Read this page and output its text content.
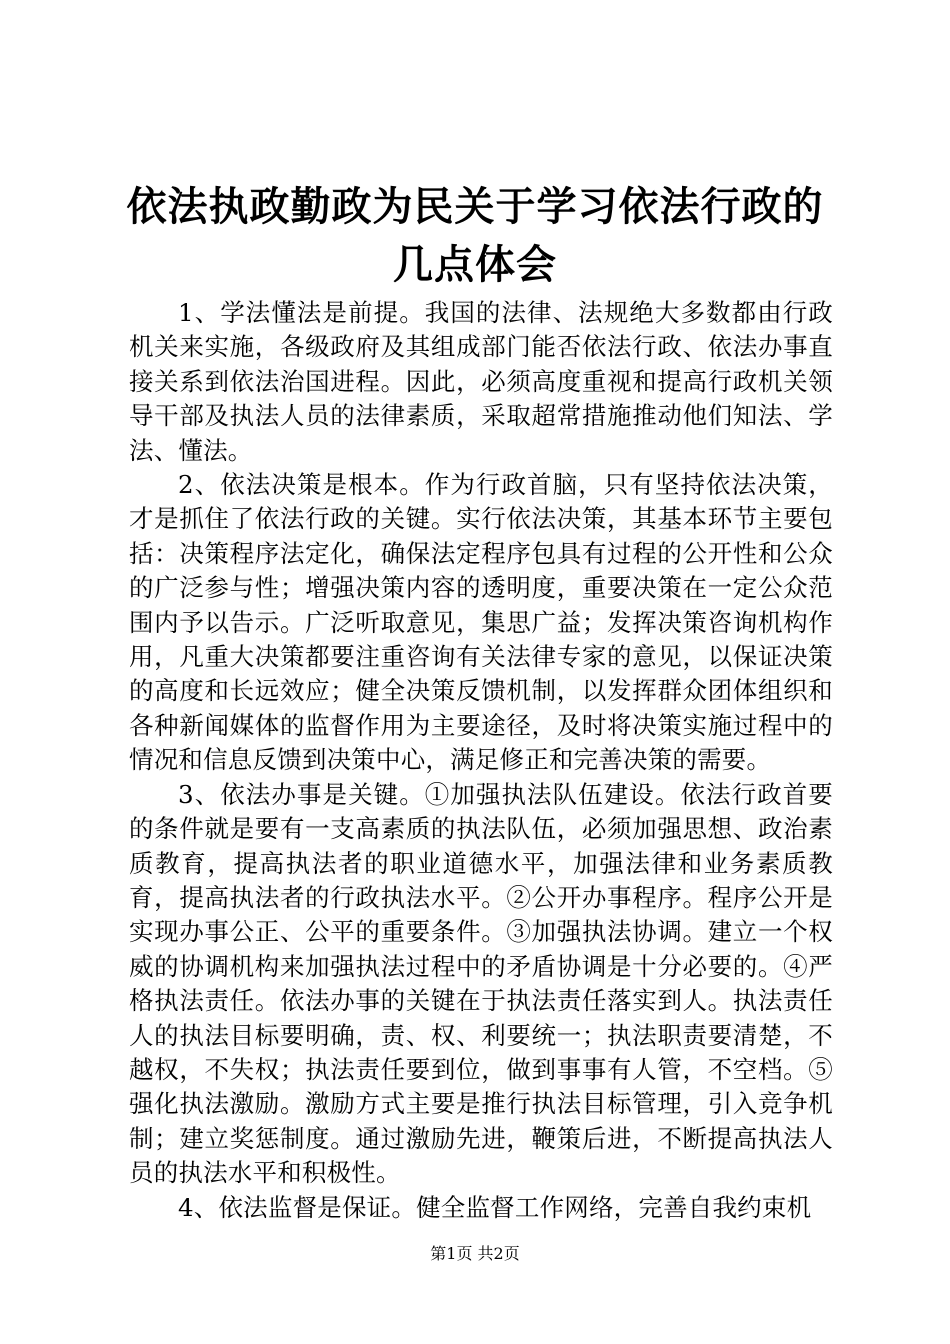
依法执政勤政为民关于学习依法行政的几点体会

1、学法懂法是前提。我国的法律、法规绝大多数都由行政机关来实施，各级政府及其组成部门能否依法行政、依法办事直接关系到依法治国进程。因此，必须高度重视和提高行政机关领导干部及执法人员的法律素质，采取超常措施推动他们知法、学法、懂法。

2、依法决策是根本。作为行政首脑，只有坚持依法决策，才是抓住了依法行政的关键。实行依法决策，其基本环节主要包括：决策程序法定化，确保法定程序包具有过程的公开性和公众的广泛参与性；增强决策内容的透明度，重要决策在一定公众范围内予以告示。广泛听取意见，集思广益；发挥决策咨询机构作用，凡重大决策都要注重咨询有关法律专家的意见，以保证决策的高度和长远效应；健全决策反馈机制，以发挥群众团体组织和各种新闻媒体的监督作用为主要途径，及时将决策实施过程中的情况和信息反馈到决策中心，满足修正和完善决策的需要。

3、依法办事是关键。①加强执法队伍建设。依法行政首要的条件就是要有一支高素质的执法队伍，必须加强思想、政治素质教育，提高执法者的职业道德水平，加强法律和业务素质教育，提高执法者的行政执法水平。②公开办事程序。程序公开是实现办事公正、公平的重要条件。③加强执法协调。建立一个权威的协调机构来加强执法过程中的矛盾协调是十分必要的。④严格执法责任。依法办事的关键在于执法责任落实到人。执法责任人的执法目标要明确，责、权、利要统一；执法职责要清楚，不越权，不失权；执法责任要到位，做到事事有人管，不空档。⑤强化执法激励。激励方式主要是推行执法目标管理，引入竞争机制；建立奖惩制度。通过激励先进，鞭策后进，不断提高执法人员的执法水平和积极性。

4、依法监督是保证。健全监督工作网络，完善自我约束机

第1页 共2页
